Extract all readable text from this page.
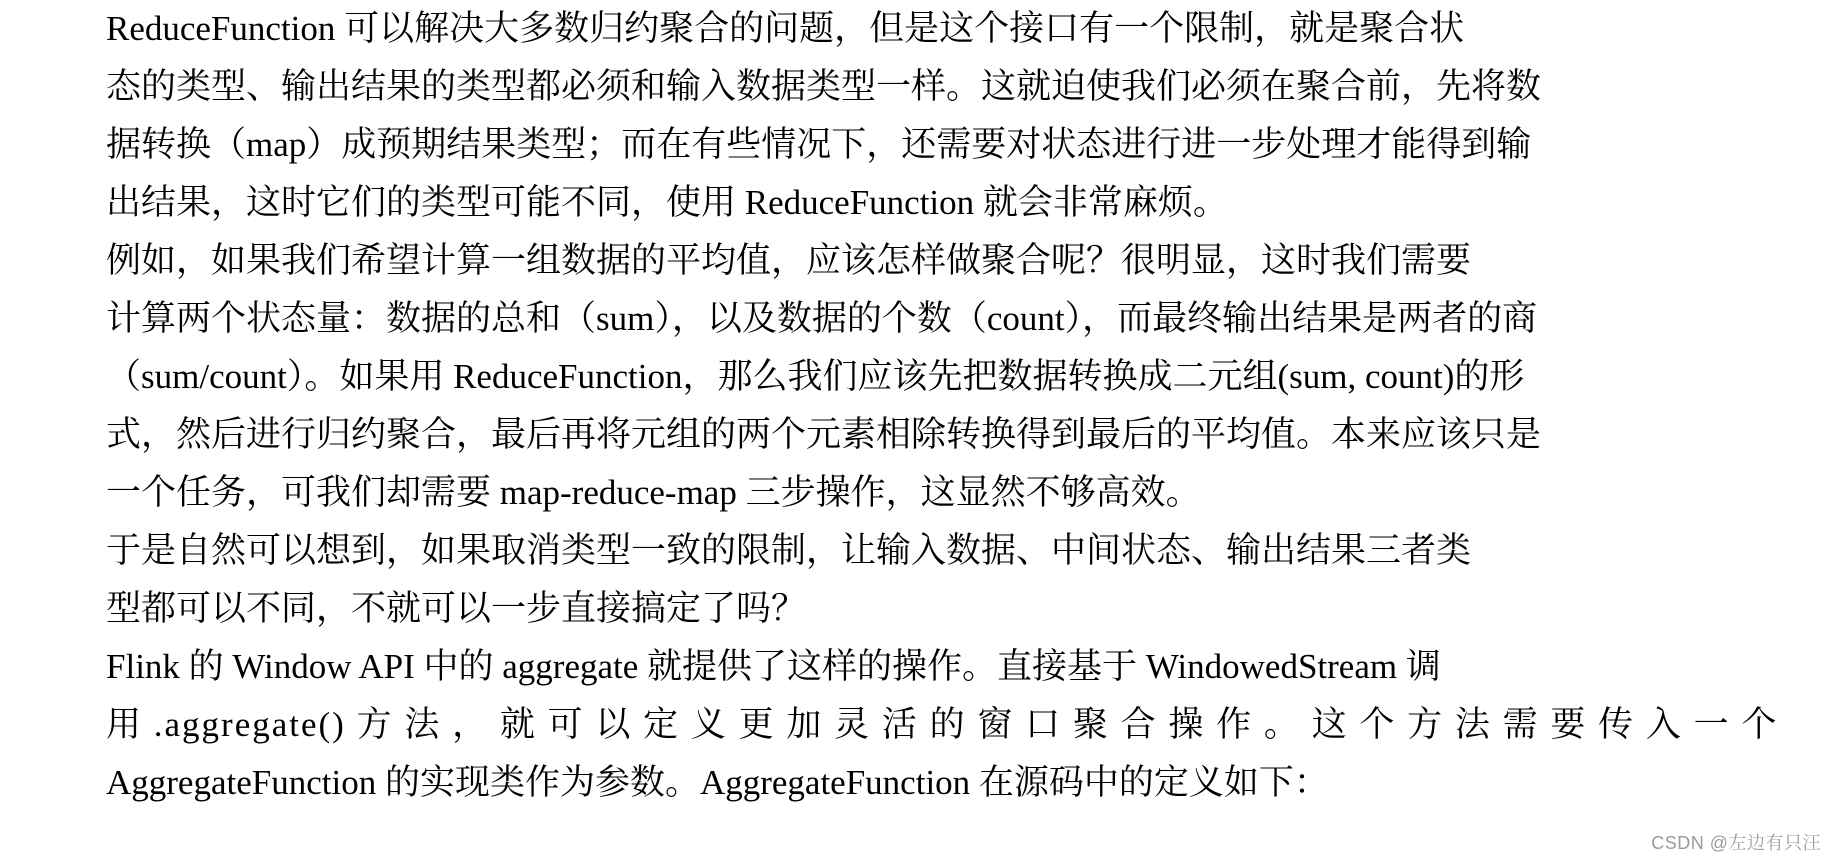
ReduceFunction 可以解决大多数归约聚合的问题，但是这个接口有一个限制，就是聚合状
态的类型、输出结果的类型都必须和输入数据类型一样。这就迫使我们必须在聚合前，先将数
据转换（map）成预期结果类型；而在有些情况下，还需要对状态进行进一步处理才能得到输
出结果，这时它们的类型可能不同，使用 ReduceFunction 就会非常麻烦。

例如，如果我们希望计算一组数据的平均值，应该怎样做聚合呢？很明显，这时我们需要
计算两个状态量：数据的总和（sum），以及数据的个数（count），而最终输出结果是两者的商
（sum/count）。如果用 ReduceFunction，那么我们应该先把数据转换成二元组(sum, count)的形
式，然后进行归约聚合，最后再将元组的两个元素相除转换得到最后的平均值。本来应该只是
一个任务，可我们却需要 map-reduce-map 三步操作，这显然不够高效。

于是自然可以想到，如果取消类型一致的限制，让输入数据、中间状态、输出结果三者类
型都可以不同，不就可以一步直接搞定了吗？

Flink 的 Window API 中的 aggregate 就提供了这样的操作。直接基于 WindowedStream 调
用 .aggregate() 方 法 ， 就 可 以 定 义 更 加 灵 活 的 窗 口 聚 合 操 作 。 这 个 方 法 需 要 传 入 一 个
AggregateFunction 的实现类作为参数。AggregateFunction 在源码中的定义如下：

CSDN @左边有只汪
